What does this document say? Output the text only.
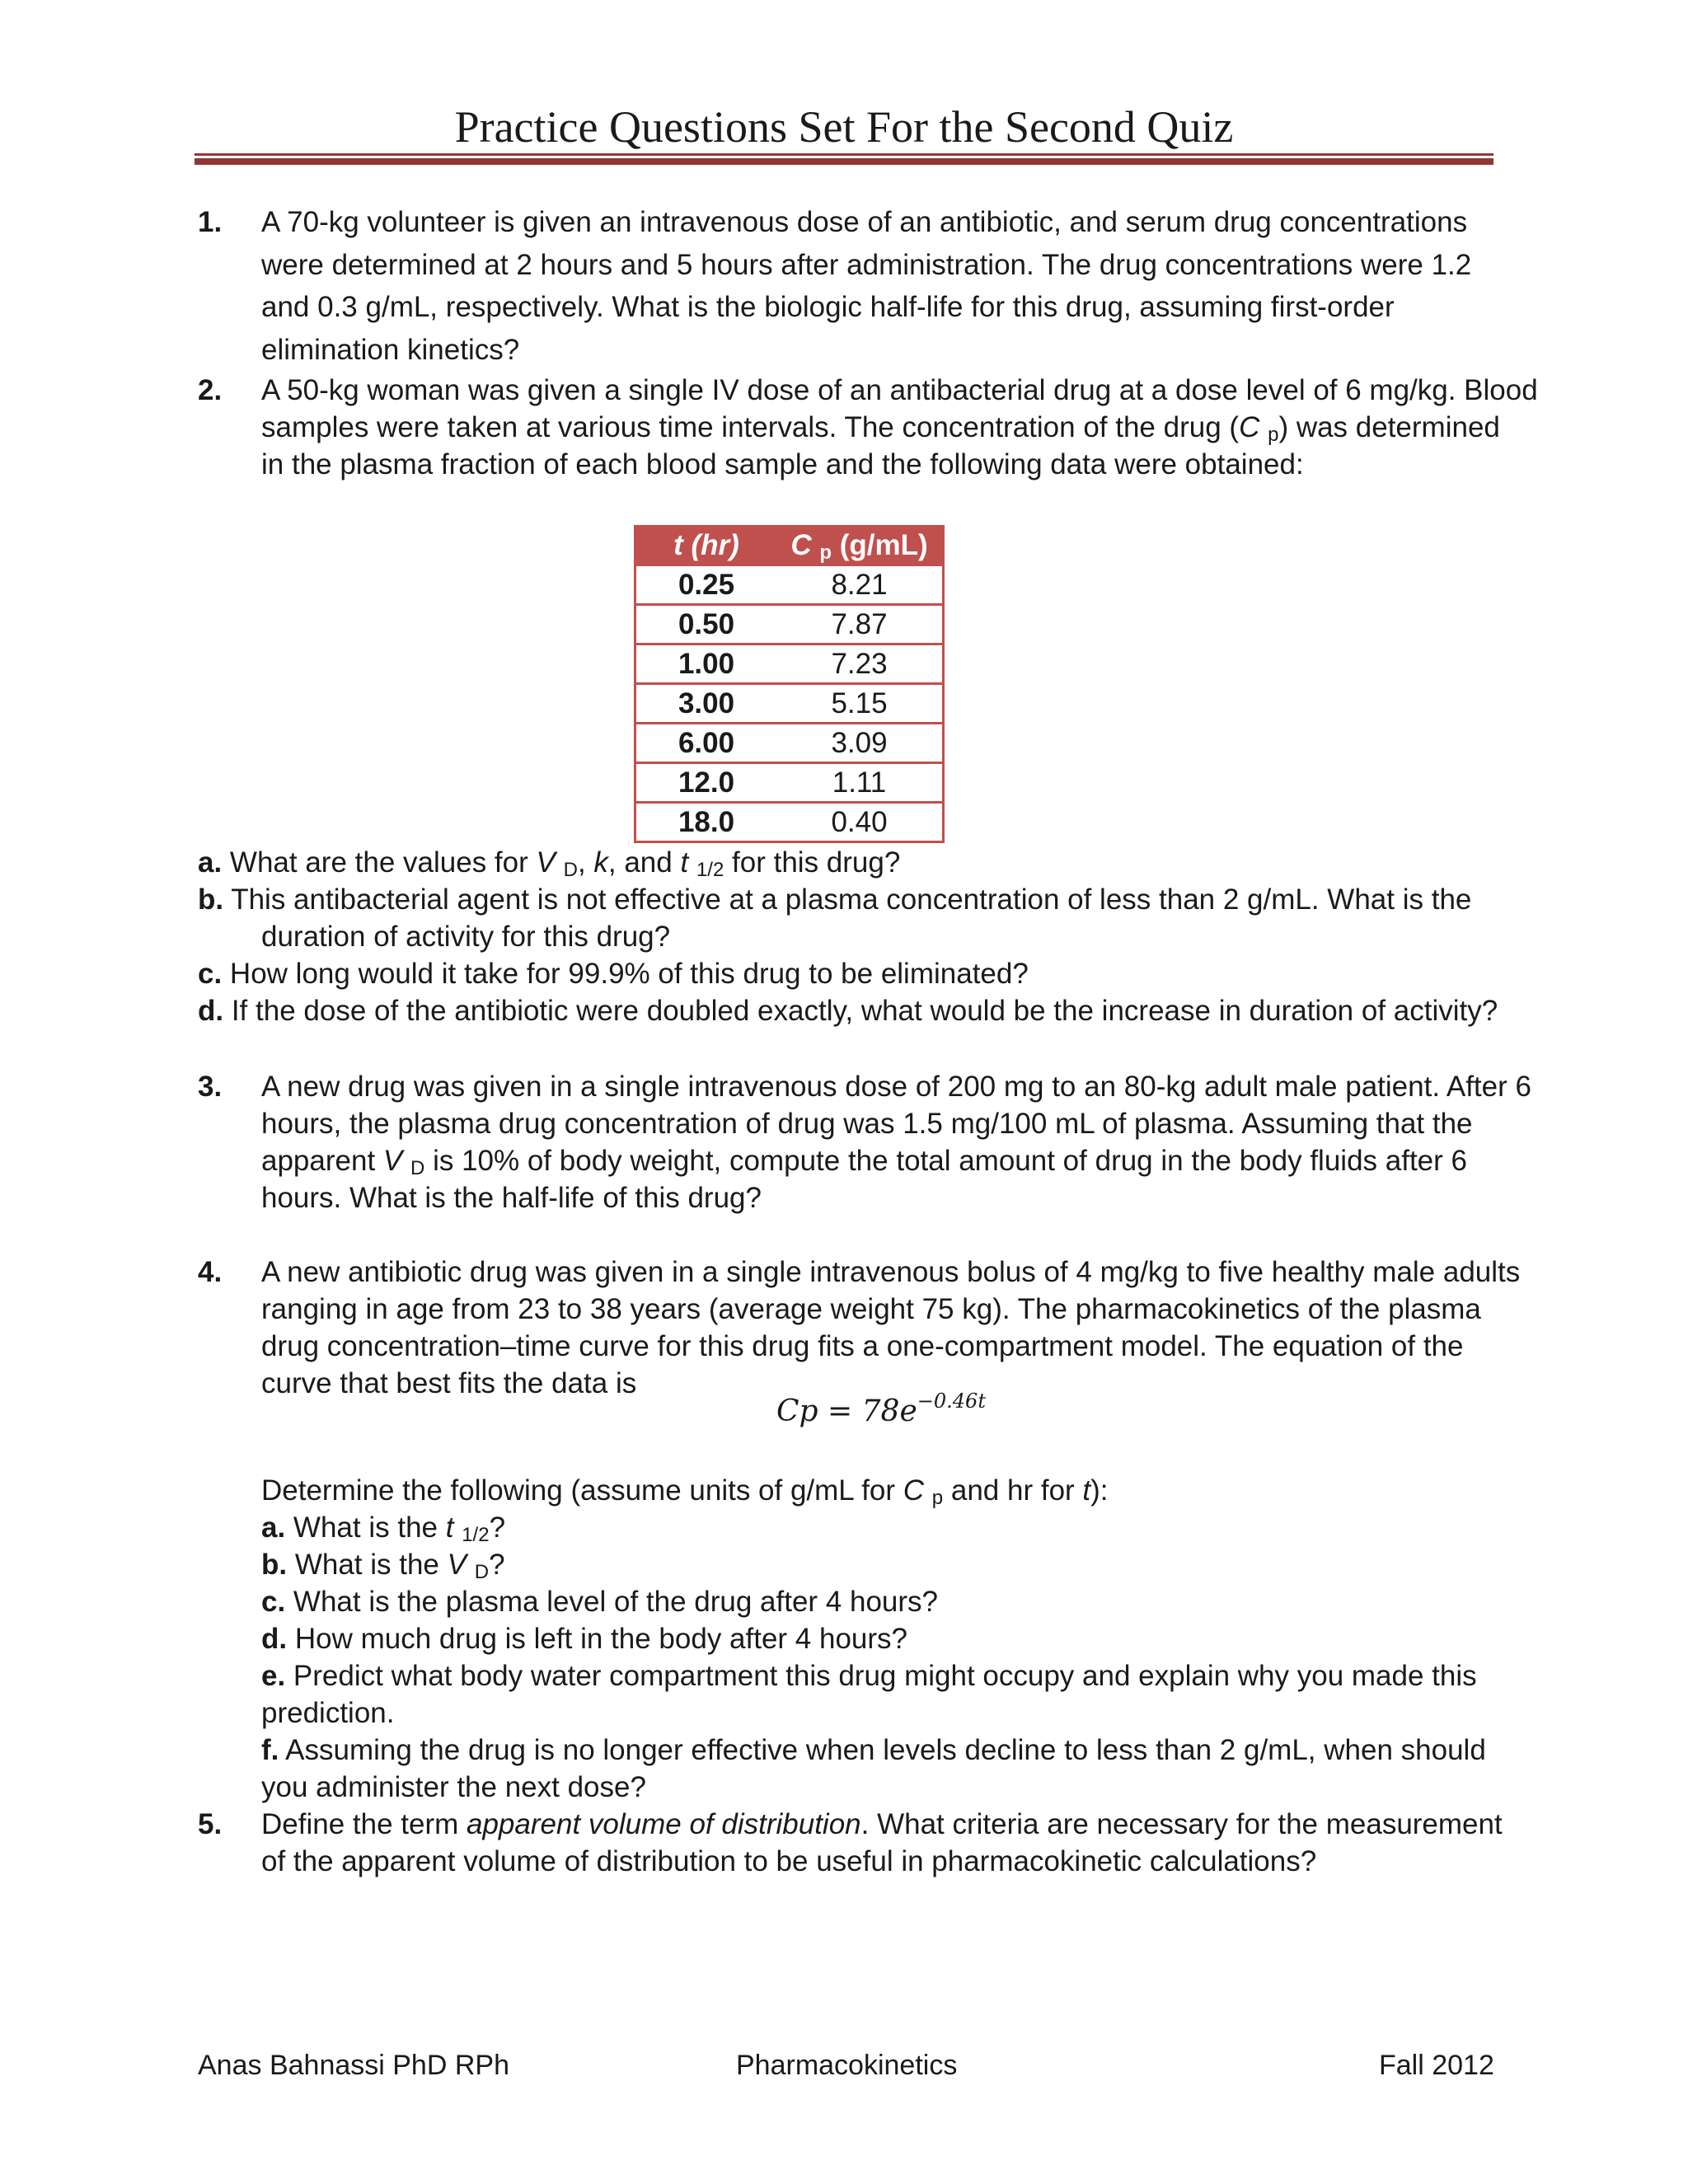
Practice Questions Set For the Second Quiz
1. A 70-kg volunteer is given an intravenous dose of an antibiotic, and serum drug concentrations
were determined at 2 hours and 5 hours after administration. The drug concentrations were 1.2
and 0.3 g/mL, respectively. What is the biologic half-life for this drug, assuming first-order
elimination kinetics?
2. A 50-kg woman was given a single IV dose of an antibacterial drug at a dose level of 6 mg/kg. Blood
samples were taken at various time intervals. The concentration of the drug (C $_p$) was determined
in the plasma fraction of each blood sample and the following data were obtained:
t (hr)	C $_p$ (g/mL)
0.25	8.21
0.50	7.87
1.00	7.23
3.00	5.15
6.00	3.09
12.0	1.11
18.0	0.40
a. What are the values for V $_D$, k, and t $_{1/2}$ for this drug?
b. This antibacterial agent is not effective at a plasma concentration of less than 2 g/mL. What is the
duration of activity for this drug?
c. How long would it take for 99.9% of this drug to be eliminated?
d. If the dose of the antibiotic were doubled exactly, what would be the increase in duration of activity?
3. A new drug was given in a single intravenous dose of 200 mg to an 80-kg adult male patient. After 6
hours, the plasma drug concentration of drug was 1.5 mg/100 mL of plasma. Assuming that the
apparent V $_D$ is 10% of body weight, compute the total amount of drug in the body fluids after 6
hours. What is the half-life of this drug?
4. A new antibiotic drug was given in a single intravenous bolus of 4 mg/kg to five healthy male adults
ranging in age from 23 to 38 years (average weight 75 kg). The pharmacokinetics of the plasma
drug concentration–time curve for this drug fits a one-compartment model. The equation of the
curve that best fits the data is
$Cp = 78e^{-0.46t}$
Determine the following (assume units of g/mL for C $_p$ and hr for t):
a. What is the t $_{1/2}$?
b. What is the V $_D$?
c. What is the plasma level of the drug after 4 hours?
d. How much drug is left in the body after 4 hours?
e. Predict what body water compartment this drug might occupy and explain why you made this
prediction.
f. Assuming the drug is no longer effective when levels decline to less than 2 g/mL, when should
you administer the next dose?
5. Define the term apparent volume of distribution. What criteria are necessary for the measurement
of the apparent volume of distribution to be useful in pharmacokinetic calculations?
Anas Bahnassi PhD RPh	Pharmacokinetics	Fall 2012
